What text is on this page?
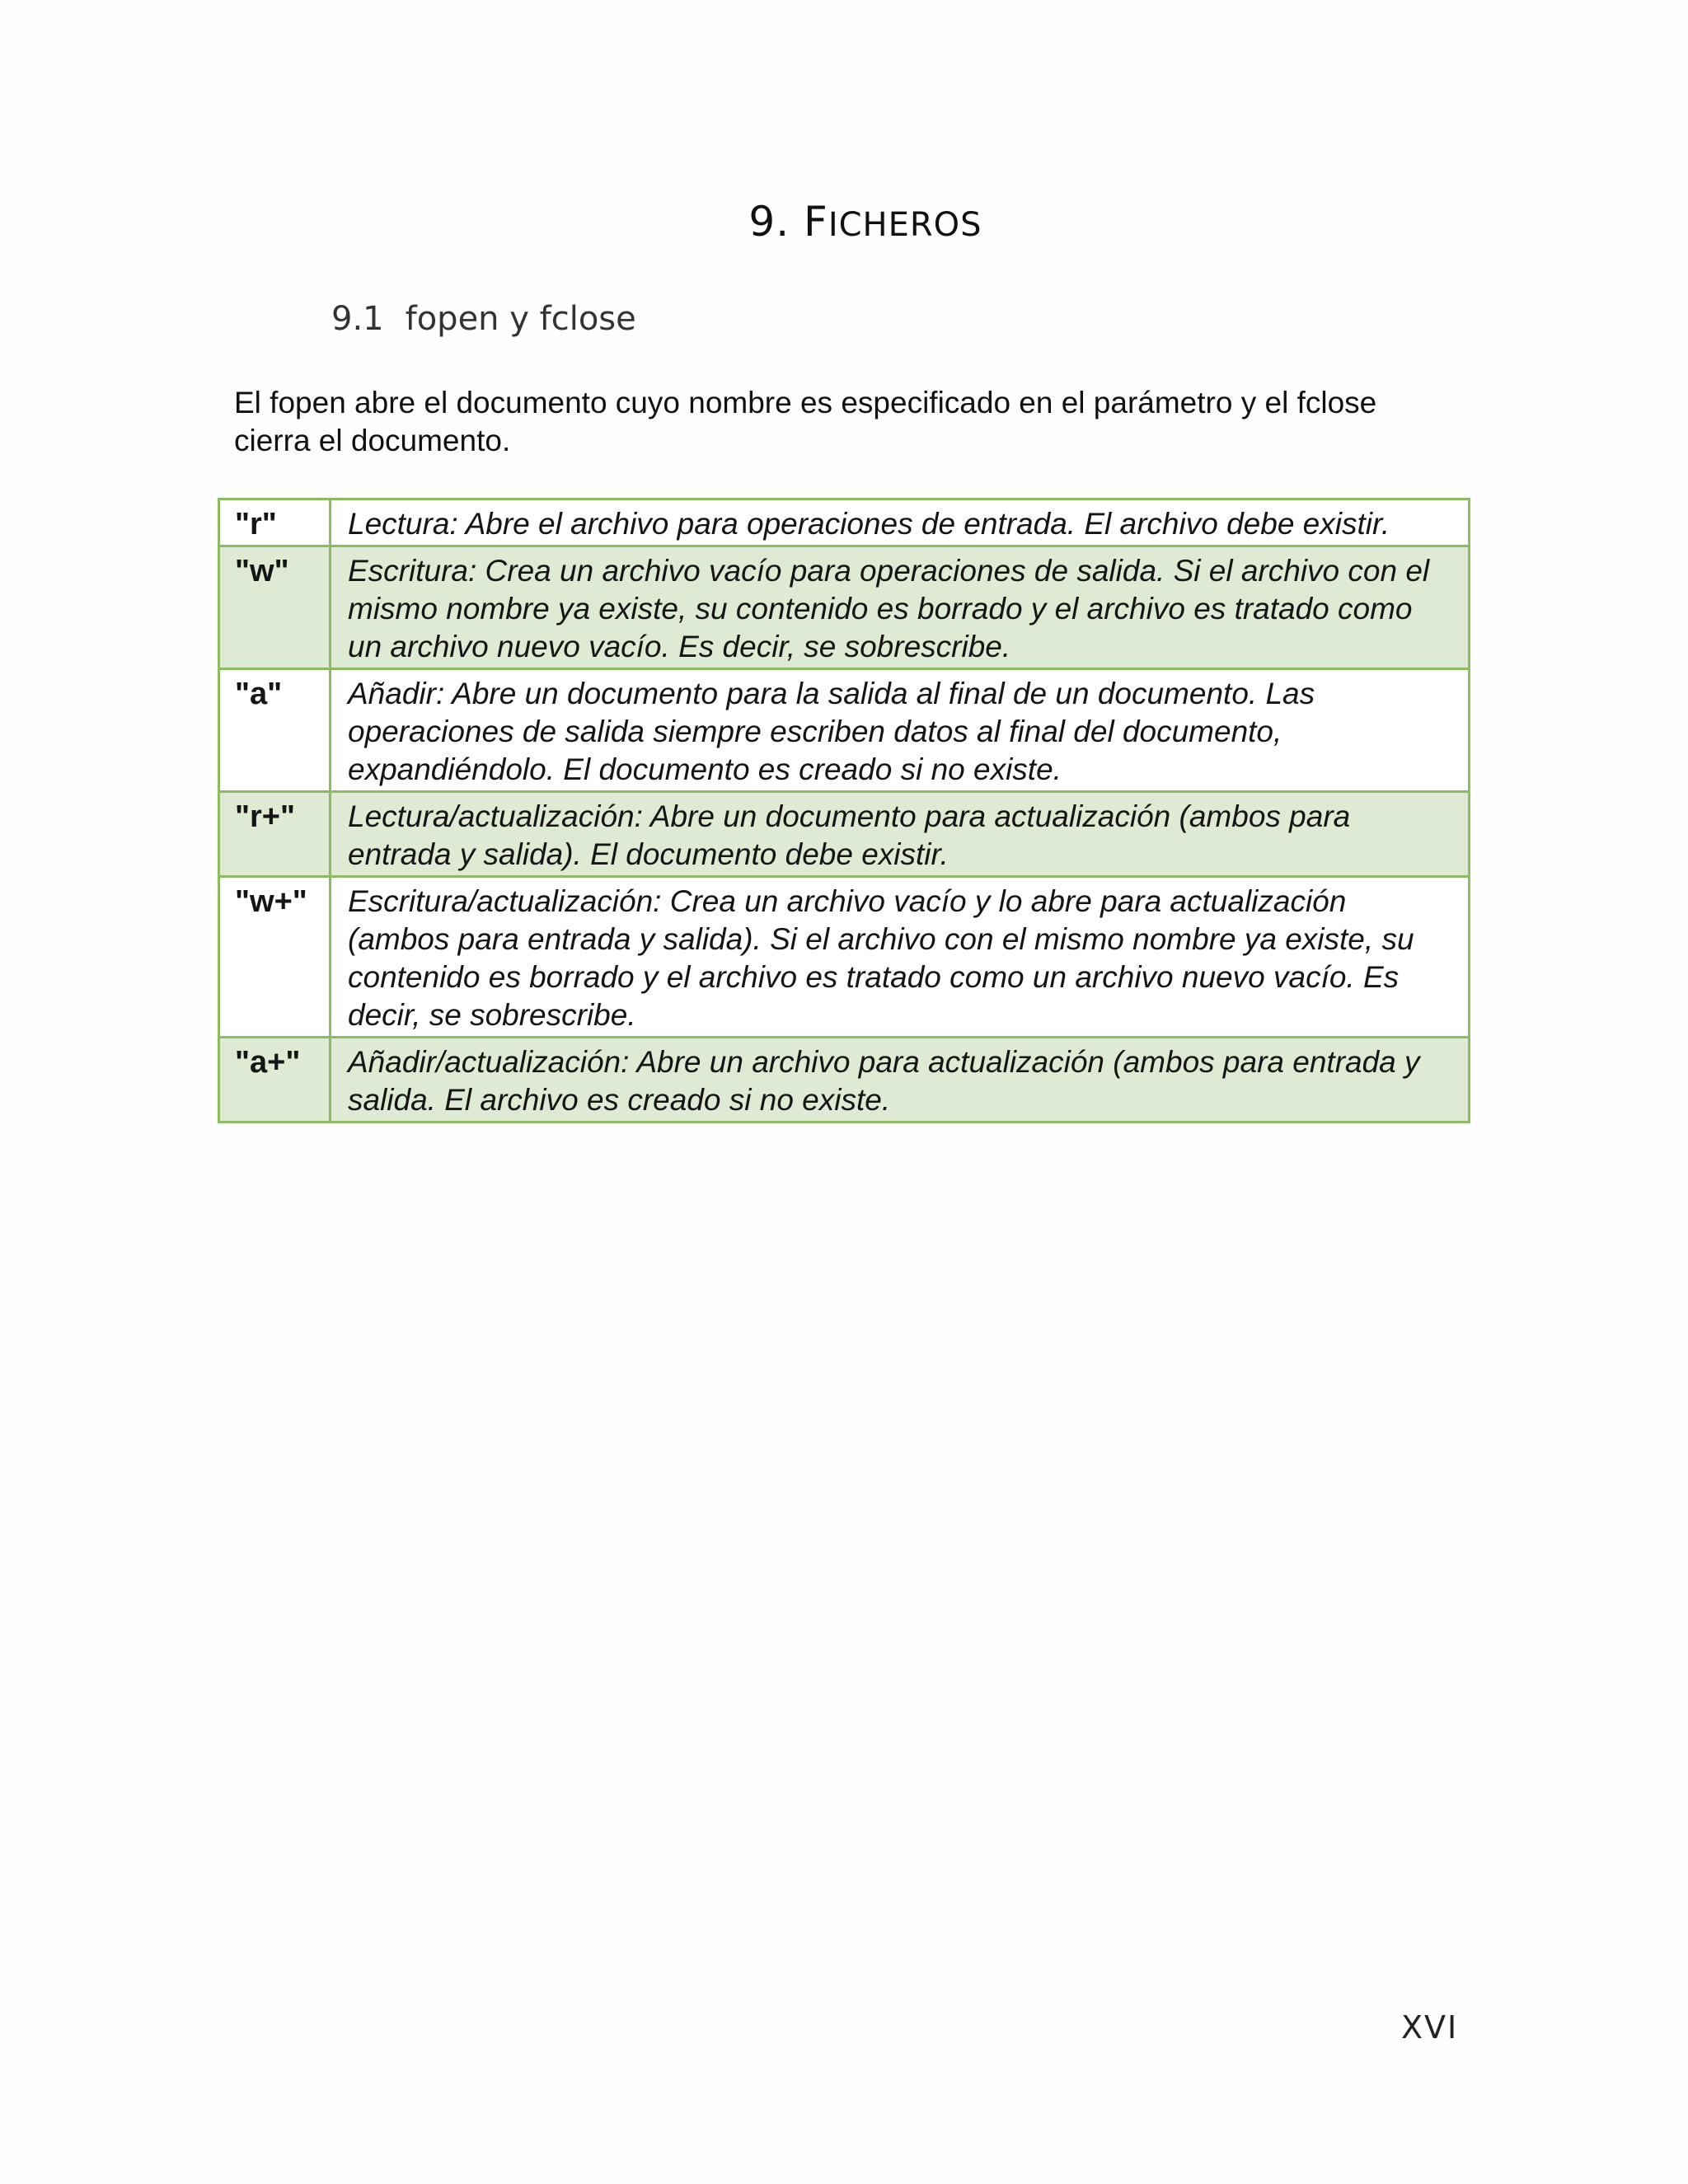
9. FICHEROS
9.1 fopen y fclose

El fopen abre el documento cuyo nombre es especificado en el parámetro y el fclose cierra el documento.

"r"	Lectura: Abre el archivo para operaciones de entrada. El archivo debe existir.
"w"	Escritura: Crea un archivo vacío para operaciones de salida. Si el archivo con el mismo nombre ya existe, su contenido es borrado y el archivo es tratado como un archivo nuevo vacío. Es decir, se sobrescribe.
"a"	Añadir: Abre un documento para la salida al final de un documento. Las operaciones de salida siempre escriben datos al final del documento, expandiéndolo. El documento es creado si no existe.
"r+"	Lectura/actualización: Abre un documento para actualización (ambos para entrada y salida). El documento debe existir.
"w+"	Escritura/actualización: Crea un archivo vacío y lo abre para actualización (ambos para entrada y salida). Si el archivo con el mismo nombre ya existe, su contenido es borrado y el archivo es tratado como un archivo nuevo vacío. Es decir, se sobrescribe.
"a+"	Añadir/actualización: Abre un archivo para actualización (ambos para entrada y salida. El archivo es creado si no existe.
XVI
